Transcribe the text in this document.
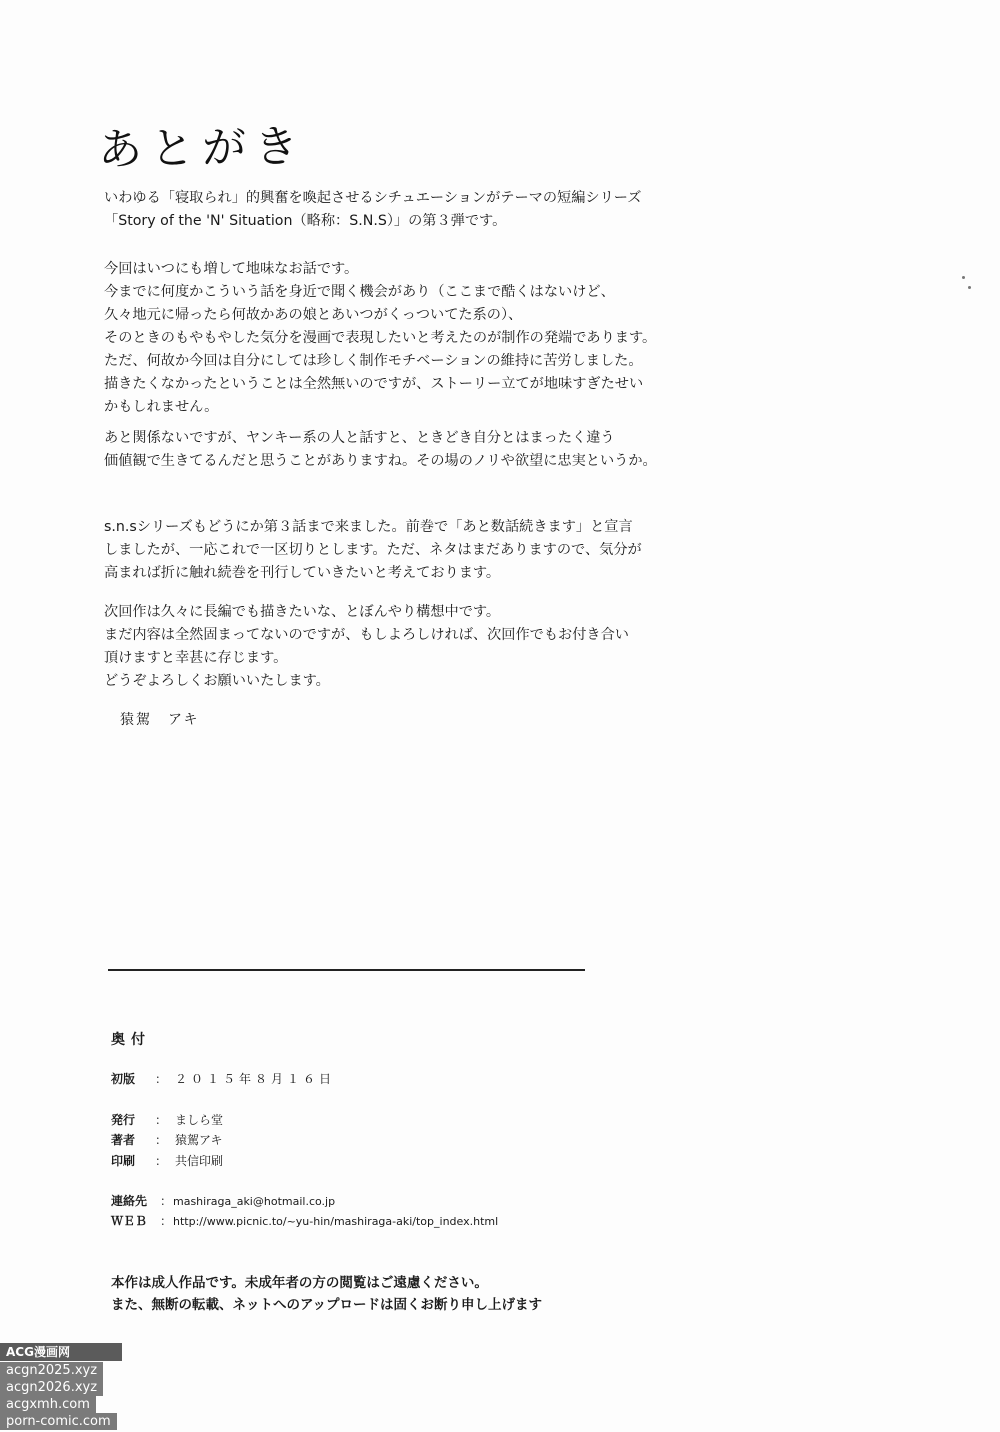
あとがき
いわゆる「寝取られ」的興奮を喚起させるシチュエーションがテーマの短編シリーズ
「Story of the 'N' Situation（略称：S.N.S）」の第３弾です。
今回はいつにも増して地味なお話です。
今までに何度かこういう話を身近で聞く機会があり（ここまで酷くはないけど、
久々地元に帰ったら何故かあの娘とあいつがくっついてた系の）、
そのときのもやもやした気分を漫画で表現したいと考えたのが制作の発端であります。
ただ、何故か今回は自分にしては珍しく制作モチベーションの維持に苦労しました。
描きたくなかったということは全然無いのですが、ストーリー立てが地味すぎたせい
かもしれません。
あと関係ないですが、ヤンキー系の人と話すと、ときどき自分とはまったく違う
価値観で生きてるんだと思うことがありますね。その場のノリや欲望に忠実というか。
s.n.sシリーズもどうにか第３話まで来ました。前巻で「あと数話続きます」と宣言
しましたが、一応これで一区切りとします。ただ、ネタはまだありますので、気分が
高まれば折に触れ続巻を刊行していきたいと考えております。
次回作は久々に長編でも描きたいな、とぼんやり構想中です。
まだ内容は全然固まってないのですが、もしよろしければ、次回作でもお付き合い
頂けますと幸甚に存じます。
どうぞよろしくお願いいたします。
猿駕　アキ
奥付
初版 ： ２０１５年８月１６日
発行 ： ましら堂
著者 ： 猿駕アキ
印刷 ： 共信印刷
連絡先 ：mashiraga_aki@hotmail.co.jp
ＷＥＢ ：http://www.picnic.to/~yu-hin/mashiraga-aki/top_index.html
本作は成人作品です。未成年者の方の閲覧はご遠慮ください。
また、無断の転載、ネットへのアップロードは固くお断り申し上げます
ACG漫画网
acgn2025.xyz
acgn2026.xyz
acgxmh.com
porn-comic.com
